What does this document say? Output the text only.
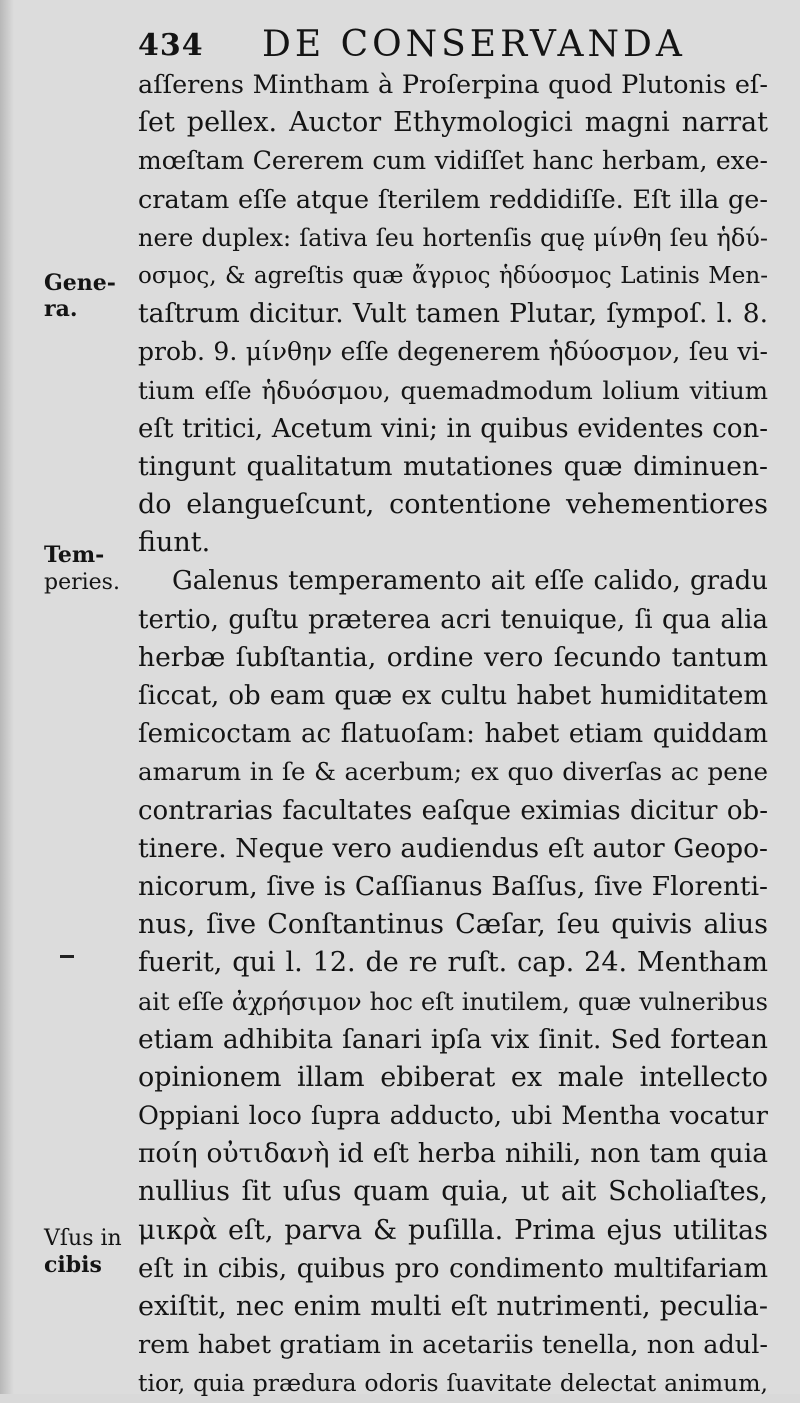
434 DE CONSERVANDA
Gene-
ra.
Tem-
peries.
Vſus in
cibis
aſſerens Mintham à Proſerpina quod Plutonis eſ-
ſet pellex. Auctor Ethymologici magni narrat
mœſtam Cererem cum vidiſſet hanc herbam, exe-
cratam eſſe atque ſterilem reddidiſſe. Eſt illa ge-
nere duplex: ſativa ſeu hortenſis quę μίνθη ſeu ἡδύ-
οσμος, & agreſtis quæ ἄγριος ἡδύοσμος Latinis Men-
taſtrum dicitur. Vult tamen Plutar, ſympoſ. l. 8.
prob. 9. μίνθην eſſe degenerem ἡδύοσμον, ſeu vi-
tium eſſe ἡδυόσμου, quemadmodum lolium vitium
eſt tritici, Acetum vini; in quibus evidentes con-
tingunt qualitatum mutationes quæ diminuen-
do elangueſcunt, contentione vehementiores
fiunt.
Galenus temperamento ait eſſe calido, gradu
tertio, guſtu præterea acri tenuique, ſi qua alia
herbæ ſubſtantia, ordine vero ſecundo tantum
ſiccat, ob eam quæ ex cultu habet humiditatem
ſemicoctam ac flatuoſam: habet etiam quiddam
amarum in ſe & acerbum; ex quo diverſas ac pene
contrarias facultates eaſque eximias dicitur ob-
tinere. Neque vero audiendus eſt autor Geopo-
nicorum, ſive is Caſſianus Baſſus, ſive Florenti-
nus, ſive Conſtantinus Cæſar, ſeu quivis alius
fuerit, qui l. 12. de re ruſt. cap. 24. Mentham
ait eſſe ἀχρήσιμον hoc eſt inutilem, quæ vulneribus
etiam adhibita ſanari ipſa vix ſinit. Sed fortean
opinionem illam ebiberat ex male intellecto
Oppiani loco ſupra adducto, ubi Mentha vocatur
ποίη οὐτιδανὴ id eſt herba nihili, non tam quia
nullius ſit uſus quam quia, ut ait Scholiaſtes,
μικρὰ eſt, parva & puſilla. Prima ejus utilitas
eſt in cibis, quibus pro condimento multifariam
exiſtit, nec enim multi eſt nutrimenti, peculia-
rem habet gratiam in acetariis tenella, non adul-
tior, quia prædura odoris ſuavitate delectat animum,
